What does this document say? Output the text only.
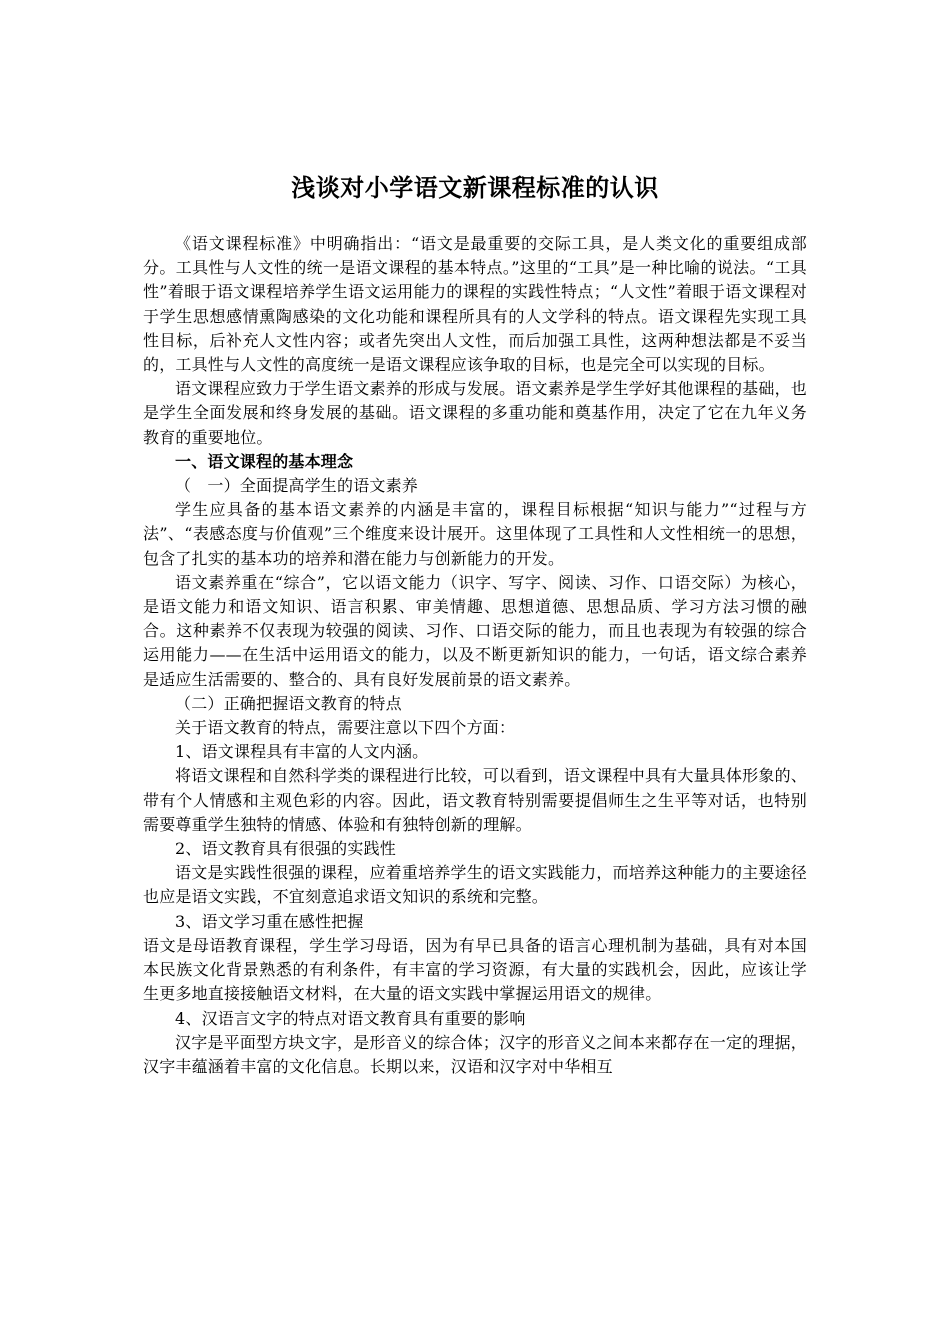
浅谈对小学语文新课程标准的认识

《语文课程标准》中明确指出：“语文是最重要的交际工具，是人类文化的重要组成部分。工具性与人文性的统一是语文课程的基本特点。”这里的“工具”是一种比喻的说法。“工具性”着眼于语文课程培养学生语文运用能力的课程的实践性特点；“人文性”着眼于语文课程对于学生思想感情熏陶感染的文化功能和课程所具有的人文学科的特点。语文课程先实现工具性目标，后补充人文性内容；或者先突出人文性，而后加强工具性，这两种想法都是不妥当的，工具性与人文性的高度统一是语文课程应该争取的目标，也是完全可以实现的目标。

语文课程应致力于学生语文素养的形成与发展。语文素养是学生学好其他课程的基础，也是学生全面发展和终身发展的基础。语文课程的多重功能和奠基作用，决定了它在九年义务教育的重要地位。

一、语文课程的基本理念

（　一）全面提高学生的语文素养

学生应具备的基本语文素养的内涵是丰富的，课程目标根据“知识与能力”“过程与方法”、“表感态度与价值观”三个维度来设计展开。这里体现了工具性和人文性相统一的思想，包含了扎实的基本功的培养和潜在能力与创新能力的开发。

语文素养重在“综合”，它以语文能力（识字、写字、阅读、习作、口语交际）为核心，是语文能力和语文知识、语言积累、审美情趣、思想道德、思想品质、学习方法习惯的融合。这种素养不仅表现为较强的阅读、习作、口语交际的能力，而且也表现为有较强的综合运用能力——在生活中运用语文的能力，以及不断更新知识的能力，一句话，语文综合素养是适应生活需要的、整合的、具有良好发展前景的语文素养。

（二）正确把握语文教育的特点

关于语文教育的特点，需要注意以下四个方面：

1、语文课程具有丰富的人文内涵。

将语文课程和自然科学类的课程进行比较，可以看到，语文课程中具有大量具体形象的、带有个人情感和主观色彩的内容。因此，语文教育特别需要提倡师生之生平等对话，也特别需要尊重学生独特的情感、体验和有独特创新的理解。

2、语文教育具有很强的实践性

语文是实践性很强的课程，应着重培养学生的语文实践能力，而培养这种能力的主要途径也应是语文实践，不宜刻意追求语文知识的系统和完整。

3、语文学习重在感性把握

语文是母语教育课程，学生学习母语，因为有早已具备的语言心理机制为基础，具有对本国本民族文化背景熟悉的有利条件，有丰富的学习资源，有大量的实践机会，因此，应该让学生更多地直接接触语文材料，在大量的语文实践中掌握运用语文的规律。

4、汉语言文字的特点对语文教育具有重要的影响

汉字是平面型方块文字，是形音义的综合体；汉字的形音义之间本来都存在一定的理据，汉字丰蕴涵着丰富的文化信息。长期以来，汉语和汉字对中华相互
